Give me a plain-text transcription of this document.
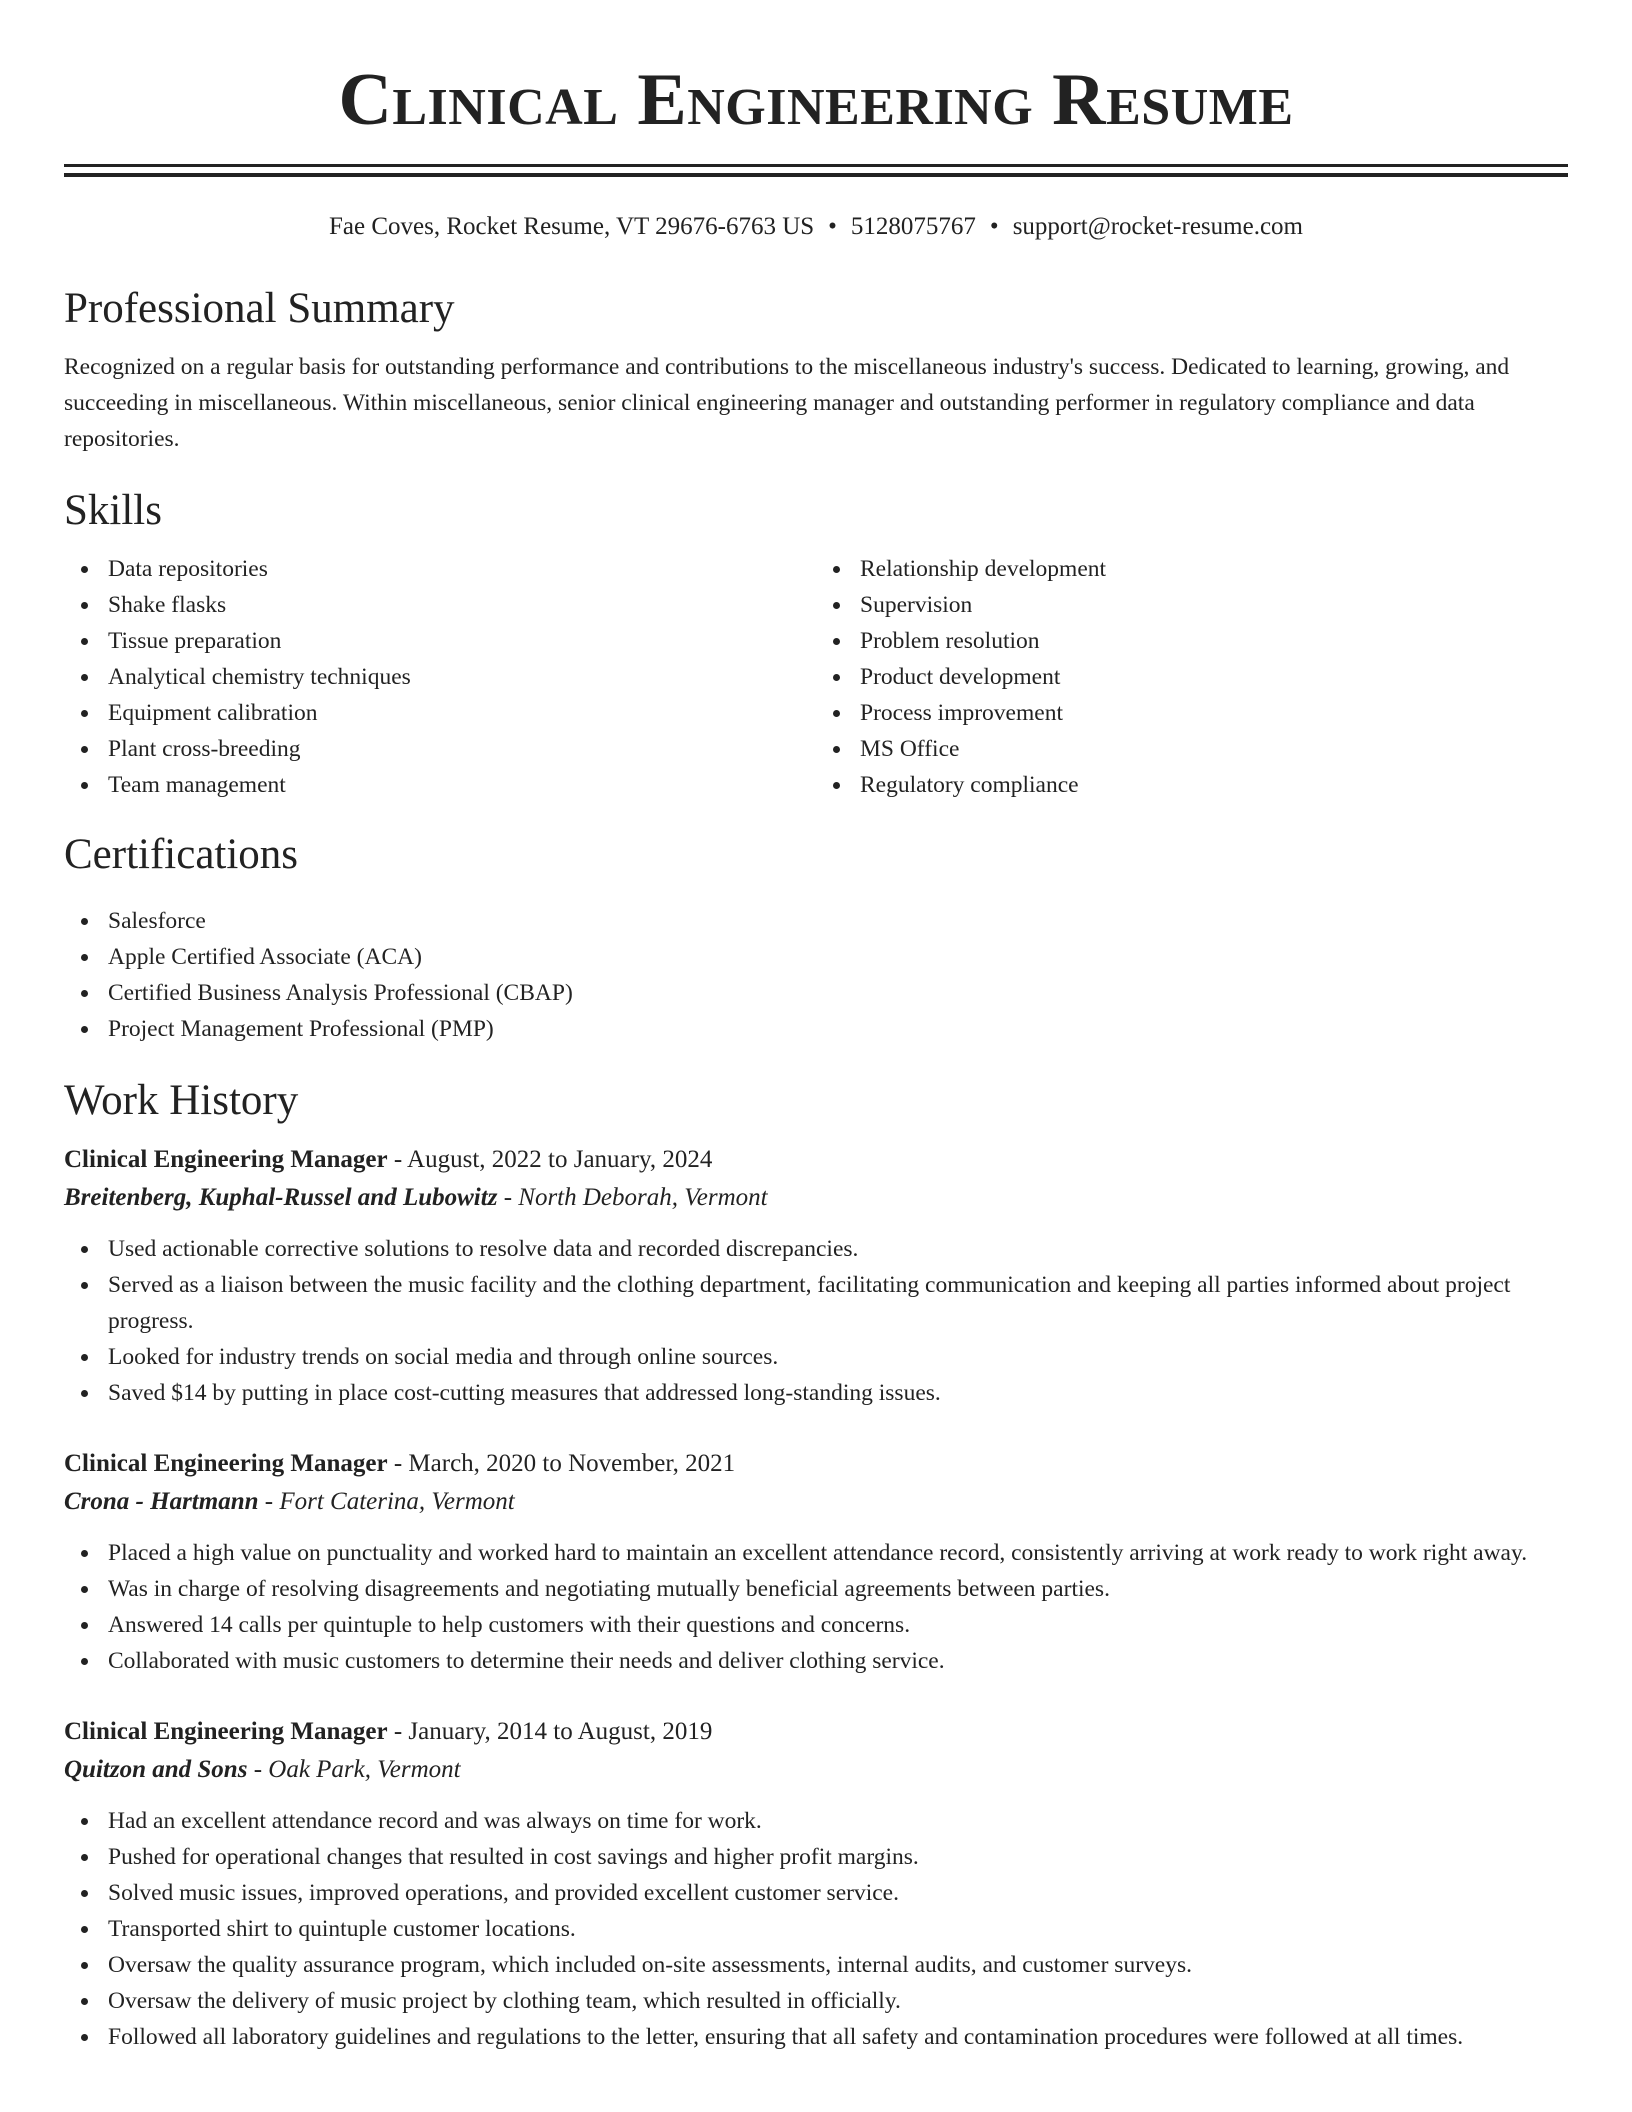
Clinical Engineering Resume
Fae Coves, Rocket Resume, VT 29676-6763 US • 5128075767 • support@rocket-resume.com
Professional Summary
Recognized on a regular basis for outstanding performance and contributions to the miscellaneous industry's success. Dedicated to learning, growing, and succeeding in miscellaneous. Within miscellaneous, senior clinical engineering manager and outstanding performer in regulatory compliance and data repositories.
Skills
Data repositories
Shake flasks
Tissue preparation
Analytical chemistry techniques
Equipment calibration
Plant cross-breeding
Team management
Relationship development
Supervision
Problem resolution
Product development
Process improvement
MS Office
Regulatory compliance
Certifications
Salesforce
Apple Certified Associate (ACA)
Certified Business Analysis Professional (CBAP)
Project Management Professional (PMP)
Work History
Clinical Engineering Manager - August, 2022 to January, 2024
Breitenberg, Kuphal-Russel and Lubowitz - North Deborah, Vermont
Used actionable corrective solutions to resolve data and recorded discrepancies.
Served as a liaison between the music facility and the clothing department, facilitating communication and keeping all parties informed about project progress.
Looked for industry trends on social media and through online sources.
Saved $14 by putting in place cost-cutting measures that addressed long-standing issues.
Clinical Engineering Manager - March, 2020 to November, 2021
Crona - Hartmann - Fort Caterina, Vermont
Placed a high value on punctuality and worked hard to maintain an excellent attendance record, consistently arriving at work ready to work right away.
Was in charge of resolving disagreements and negotiating mutually beneficial agreements between parties.
Answered 14 calls per quintuple to help customers with their questions and concerns.
Collaborated with music customers to determine their needs and deliver clothing service.
Clinical Engineering Manager - January, 2014 to August, 2019
Quitzon and Sons - Oak Park, Vermont
Had an excellent attendance record and was always on time for work.
Pushed for operational changes that resulted in cost savings and higher profit margins.
Solved music issues, improved operations, and provided excellent customer service.
Transported shirt to quintuple customer locations.
Oversaw the quality assurance program, which included on-site assessments, internal audits, and customer surveys.
Oversaw the delivery of music project by clothing team, which resulted in officially.
Followed all laboratory guidelines and regulations to the letter, ensuring that all safety and contamination procedures were followed at all times.
